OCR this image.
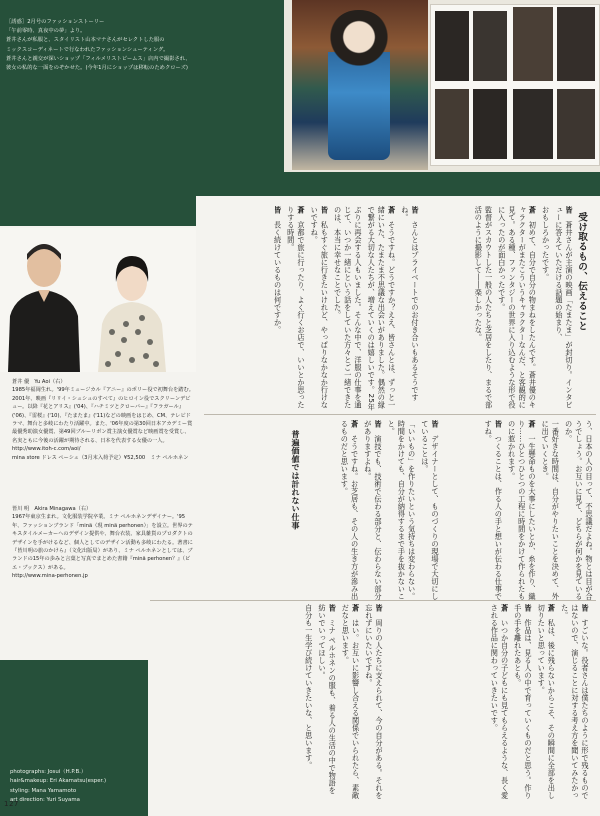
［誘惑］2月号のファッションストーリー
「午前零時、真夜中の夢」より。
蒼井さんが私服と、スタイリスト山本マナさんがセレクトした服の
ミックスコーディネートで行なわれたファッションシューティング。
蒼井さんと親交が深いショップ「フィルメリストビームス」店内で撮影され、
彼女の私的な一面をのぞかせた。(今年1月にショップは移転のためクローズ)
蒼井 優　Yu Aoi（右）
1985年福岡生れ。'99年ミュージカル『アニー』のポリー役で初舞台を踏む。2001年、映画『リリイ・シュシュのすべて』のヒロイン役でスクリーンデビュー。以降『花とアリス』('04)、『ハチミツとクローバー』『フラガール』('06)、『雷桜』('10)、『たまたま』('11)などの映画をはじめ、CM、テレビドラマ、舞台と多岐にわたり活躍中。また、'06年度の第30回日本アカデミー賞最優秀助演女優賞、第49回ブルーリボン賞主演女優賞など映画賞を受賞し、名実ともに今後の活躍が期待される、日本を代表する女優の一人。
http://www.itoh-c.com/aoi/
mina store ドレス ペーシュ（3月末入荷予定）¥52,500　ミナ ペルホネン
皆川 明　Akira Minagawa（右）
1967年東京生まれ。文化服装学院卒業。ミナ ペルホネンデザイナー。'95年、ファッションブランド「minä（現 minä perhonen）」を設立。世界のテキスタイルメーカーへのデザイン提供や、舞台衣装、家具雑貨のプロダクトのデザインを手がけるなど、個人としてのデザイン活動も多岐にわたる。著書に『皆川明の旅のかけら』（文化出版局）があり、ミナ ペルホネンとしては、ブランドの15年の歩みと言葉と写真でまとめた書籍『minä perhonen？』（ピエ・ブックス）がある。
http://www.mina-perhonen.jp
photographs: Josui（H.P.B.）
hair&makeup: Eri Akamatsu(esper.)
styling: Mana Yamamoto
art direction: Yuri Suyama
127
受け取るもの、伝えること

皆　蒼井さんが主演の映画「たまたま」が封切り。インタビューに答えていただける話題の始まり、

おもしろかったです。

蒼　初めて、自分で自分の物まねをしたんです。蒼井優のキャラクターがまたこういうキャラクターなんだ、と客観的に見て。ある種、ファンタジーの世界に入り込むような形で役に入ったのが面白かったです。

監督がスカウトした一般の人たちと芝居をしたり、まるで部活のように撮影して――楽しかったな。

皆　さんとはプライベートでのお付き合いもあるそうですね。

蒼　そうですね。どうですか？ええ、皆さんとは、ずっと一緒にいた、たまたま不思議な出会いがありました。偶然の縁で繋がる大切な人たちが、増えていくのは嬉しいです。25年

ぶりに再会する人もいました。そんな中で、洋服の仕事を通じて、いつか一緒にという話をしていた方々とご一緒できたのは、本当に幸せなことでした。

皆　私もすぐ旅に行きたいけれど、やっぱりなかなか行けないですね。

蒼　京都で旅に行ったり、よく行くお店で、いいとか思ったりする時間。

皆　長く続けているものは何ですか。

普遍価値では計れない仕事	う、日本の人の目って、不思議だよね。物とは目が合うでしょう。お互いに見て、どちらが何かを見ているのか。

一番好きな時間は、自分がやりたいことを決めて、外に出ていくとき。

蒼　一生懸命ものを大事にしたいとか、糸を作り、織り……ひとつひとつの工程に時間をかけて作られたものに惹かれます。

皆　つくることは、作る人の手と想いが伝わる仕事ですね。

皆　デザイナーとして、ものづくりの現場で大切にしていることは。

「いいもの」を作りたいという気持ちは変わらない。時間をかけても、自分が納得するまで手を抜かないこと。

皆　演技でも、技術で伝わる部分と、伝わらない部分がありますよね。

蒼　そうですね。お芝居も、その人の生き方が滲み出るものだと思います。

皆　すごいな。役者さんは僕たちのように形で残るものではないので、演じることに対する考え方を聞いてみたかった。

蒼　私は、後に残らないからこそ、その瞬間に全部を出し切りたいと思っています。

皆　作品は、見る人の中で育っていくものだと思う。作り手の手を離れたあとも。

蒼　いつか自分の子どもにも見てもらえるような、長く愛される作品に関わっていきたいです。

皆　周りの人たちに支えられて、今の自分がある。それを忘れずにいたいですね。

蒼　はい。お互いに影響し合える関係でいられたら、素敵だなと思います。

皆　ミナ ペルホネンの服も、着る人の生活の中で物語を紡いでいってほしい。

自分も一生学び続けていきたいな、と思います。
